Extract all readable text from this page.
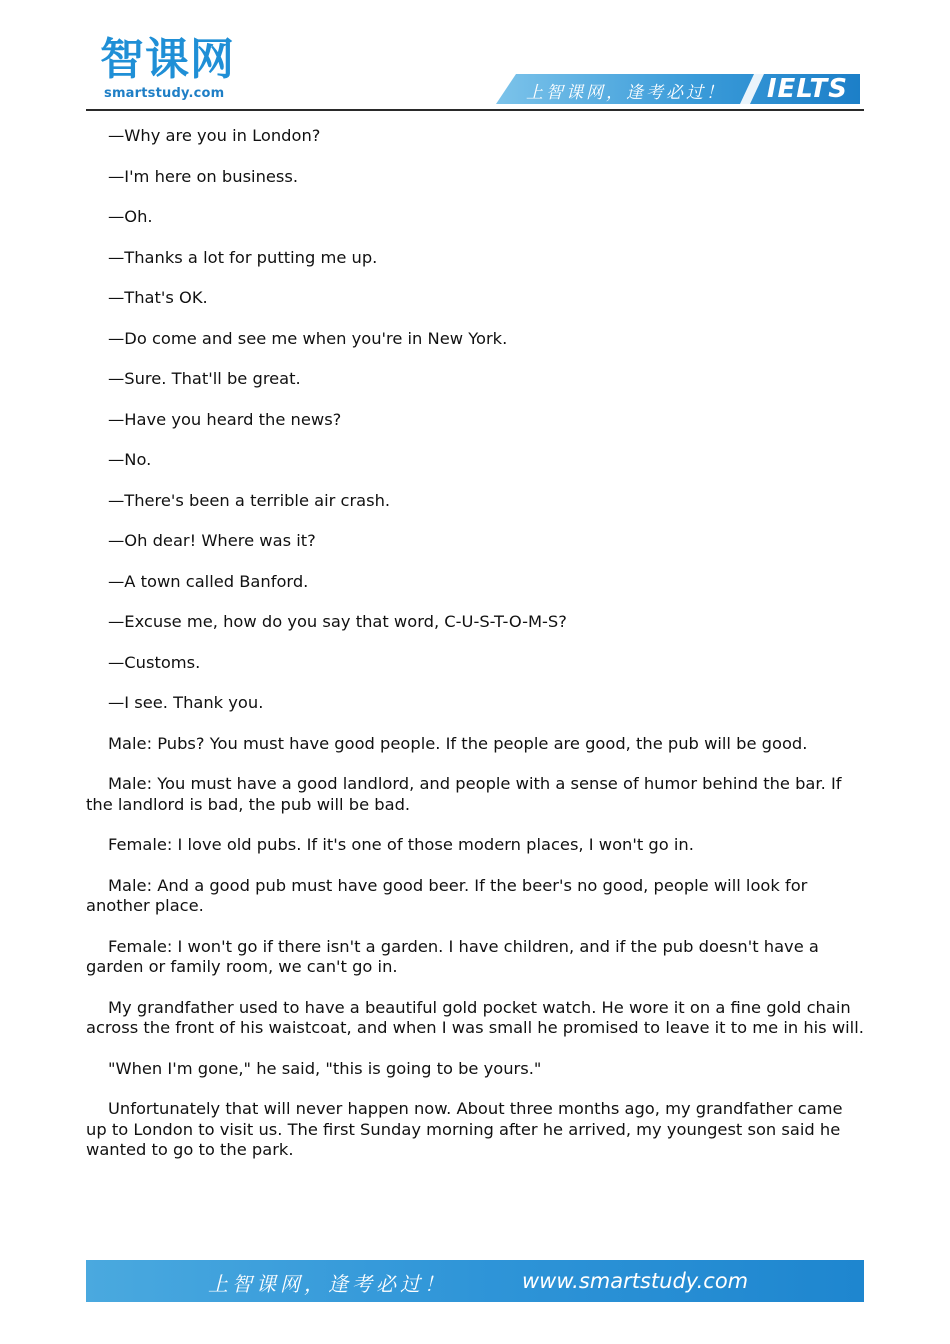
智课网
smartstudy.com	上智课网，逢考必过！ IELTS

—Why are you in London?

—I'm here on business.

—Oh.

—Thanks a lot for putting me up.

—That's OK.

—Do come and see me when you're in New York.

—Sure. That'll be great.

—Have you heard the news?

—No.

—There's been a terrible air crash.

—Oh dear! Where was it?

—A town called Banford.

—Excuse me, how do you say that word, C-U-S-T-O-M-S?

—Customs.

—I see. Thank you.

Male: Pubs? You must have good people. If the people are good, the pub will be good.

Male: You must have a good landlord, and people with a sense of humor behind the bar. If the landlord is bad, the pub will be bad.

Female: I love old pubs. If it's one of those modern places, I won't go in.

Male: And a good pub must have good beer. If the beer's no good, people will look for another place.

Female: I won't go if there isn't a garden. I have children, and if the pub doesn't have a garden or family room, we can't go in.

My grandfather used to have a beautiful gold pocket watch. He wore it on a fine gold chain across the front of his waistcoat, and when I was small he promised to leave it to me in his will.

"When I'm gone," he said, "this is going to be yours."

Unfortunately that will never happen now. About three months ago, my grandfather came up to London to visit us. The first Sunday morning after he arrived, my youngest son said he wanted to go to the park.

上智课网，逢考必过！	www.smartstudy.com
